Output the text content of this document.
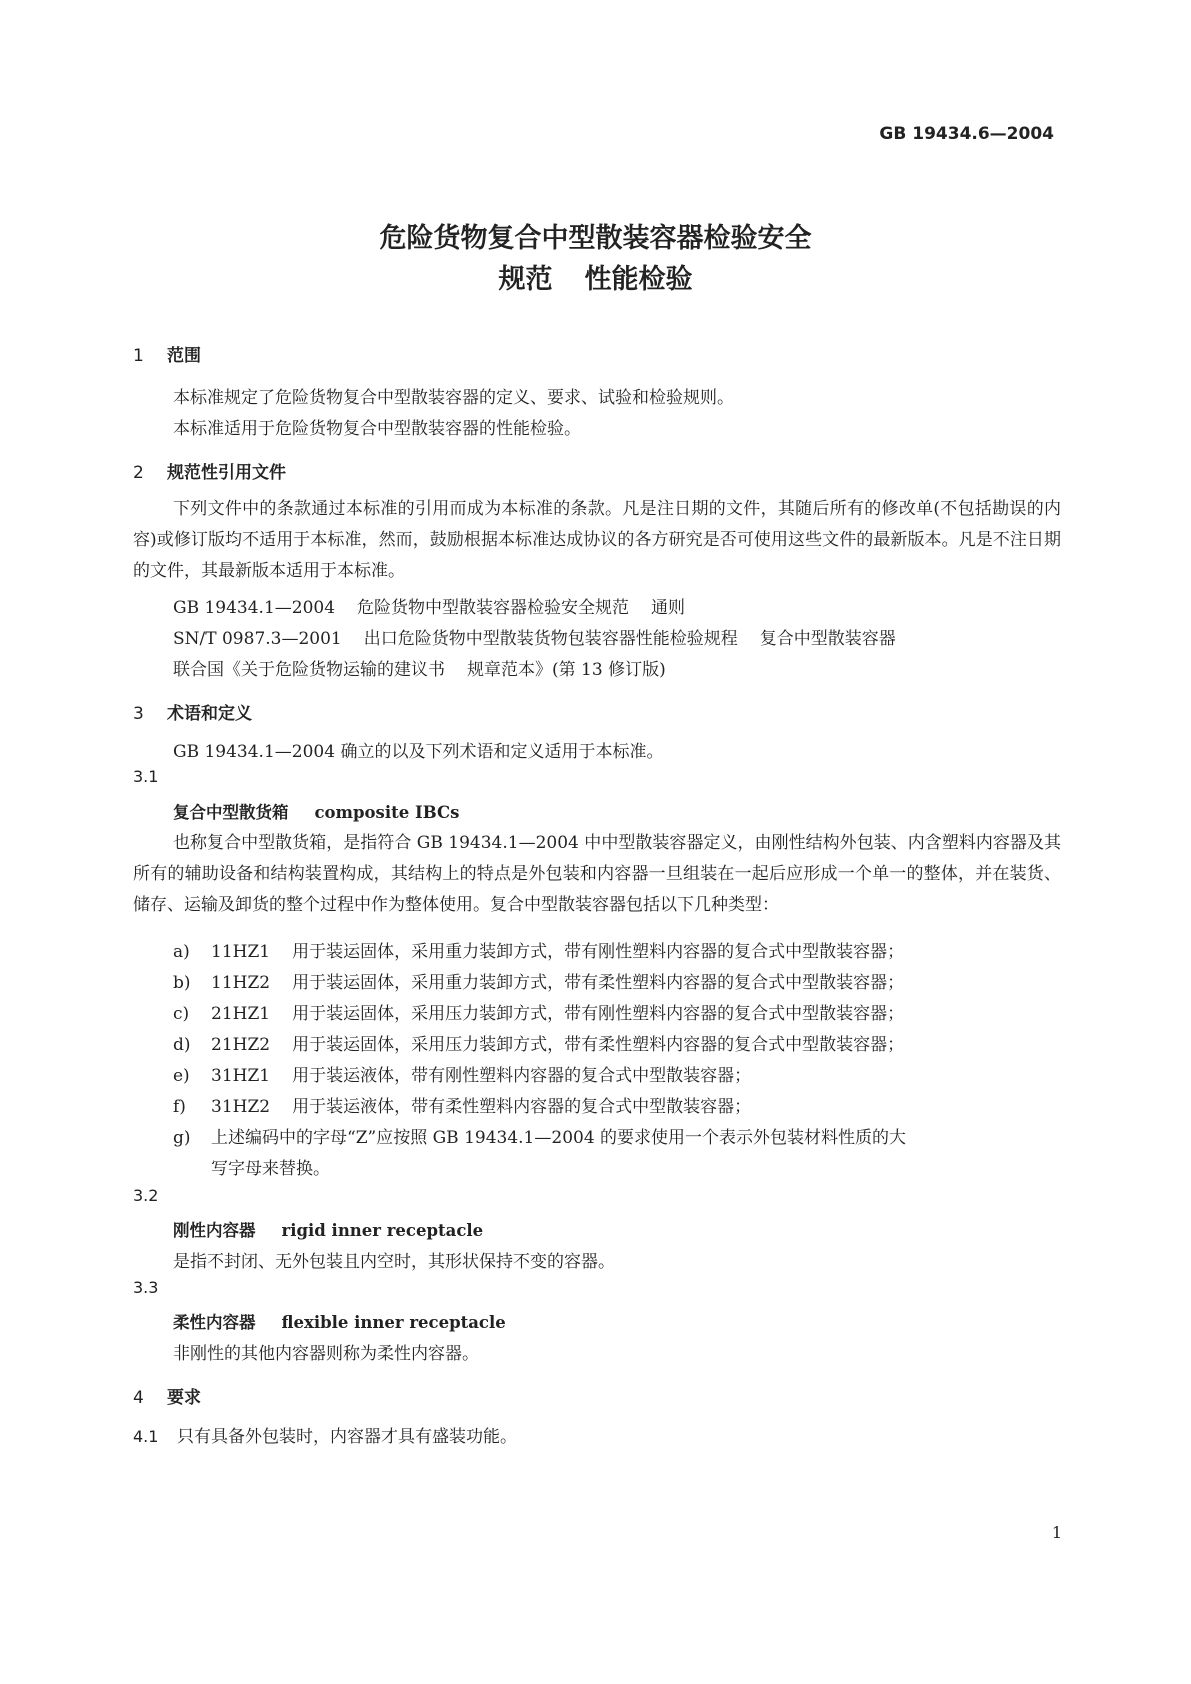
GB 19434.6—2004
危险货物复合中型散装容器检验安全
规范 性能检验
1 范围
本标准规定了危险货物复合中型散装容器的定义、要求、试验和检验规则。
本标准适用于危险货物复合中型散装容器的性能检验。
2 规范性引用文件
下列文件中的条款通过本标准的引用而成为本标准的条款。凡是注日期的文件，其随后所有的修改单(不包括勘误的内容)或修订版均不适用于本标准，然而，鼓励根据本标准达成协议的各方研究是否可使用这些文件的最新版本。凡是不注日期的文件，其最新版本适用于本标准。
GB 19434.1—2004 危险货物中型散装容器检验安全规范 通则
SN/T 0987.3—2001 出口危险货物中型散装货物包装容器性能检验规程 复合中型散装容器
联合国《关于危险货物运输的建议书 规章范本》(第 13 修订版)
3 术语和定义
GB 19434.1—2004 确立的以及下列术语和定义适用于本标准。
3.1
复合中型散货箱 composite IBCs
也称复合中型散货箱，是指符合 GB 19434.1—2004 中中型散装容器定义，由刚性结构外包装、内含塑料内容器及其所有的辅助设备和结构装置构成，其结构上的特点是外包装和内容器一旦组装在一起后应形成一个单一的整体，并在装货、储存、运输及卸货的整个过程中作为整体使用。复合中型散装容器包括以下几种类型：
a) 11HZ1 用于装运固体，采用重力装卸方式，带有刚性塑料内容器的复合式中型散装容器；
b) 11HZ2 用于装运固体，采用重力装卸方式，带有柔性塑料内容器的复合式中型散装容器；
c) 21HZ1 用于装运固体，采用压力装卸方式，带有刚性塑料内容器的复合式中型散装容器；
d) 21HZ2 用于装运固体，采用压力装卸方式，带有柔性塑料内容器的复合式中型散装容器；
e) 31HZ1 用于装运液体，带有刚性塑料内容器的复合式中型散装容器；
f) 31HZ2 用于装运液体，带有柔性塑料内容器的复合式中型散装容器；
g) 上述编码中的字母“Z”应按照 GB 19434.1—2004 的要求使用一个表示外包装材料性质的大
写字母来替换。
3.2
刚性内容器 rigid inner receptacle
是指不封闭、无外包装且内空时，其形状保持不变的容器。
3.3
柔性内容器 flexible inner receptacle
非刚性的其他内容器则称为柔性内容器。
4 要求
4.1 只有具备外包装时，内容器才具有盛装功能。
1
